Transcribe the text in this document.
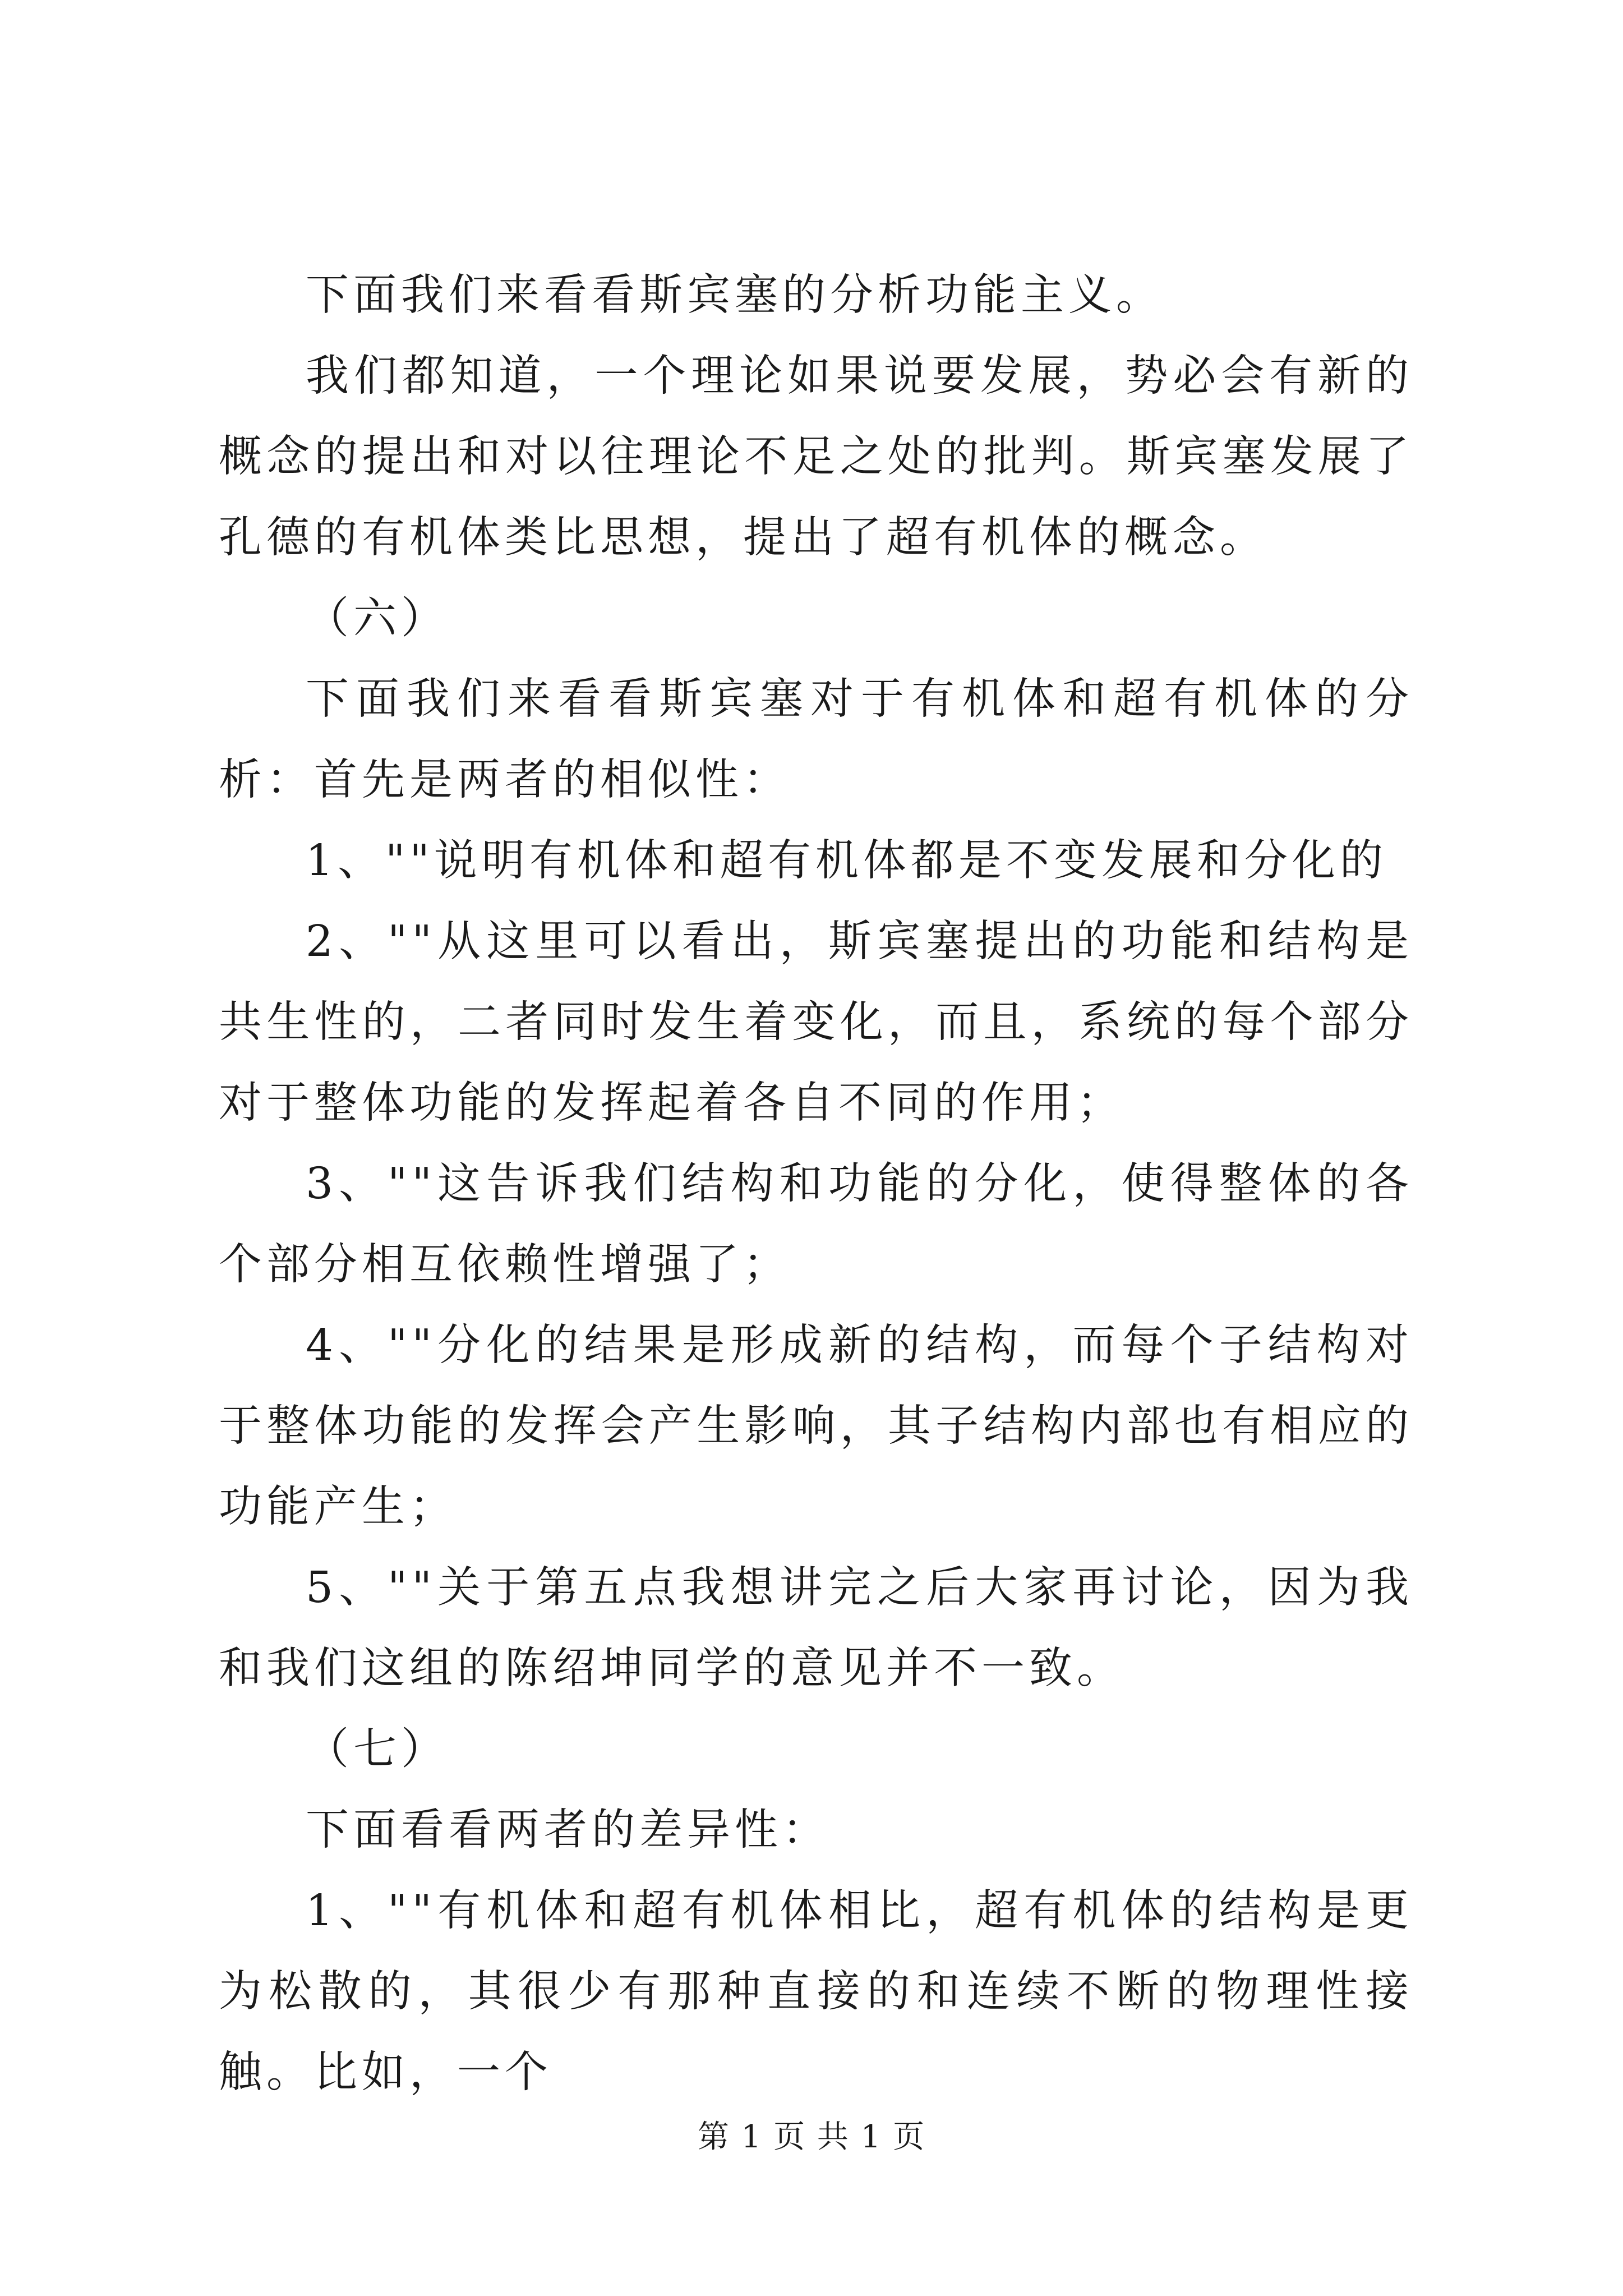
下面我们来看看斯宾塞的分析功能主义。

我们都知道，一个理论如果说要发展，势必会有新的概念的提出和对以往理论不足之处的批判。斯宾塞发展了孔德的有机体类比思想，提出了超有机体的概念。

（六）

下面我们来看看斯宾塞对于有机体和超有机体的分析：首先是两者的相似性：

1、""说明有机体和超有机体都是不变发展和分化的

2、""从这里可以看出，斯宾塞提出的功能和结构是共生性的，二者同时发生着变化，而且，系统的每个部分对于整体功能的发挥起着各自不同的作用；

3、""这告诉我们结构和功能的分化，使得整体的各个部分相互依赖性增强了；

4、""分化的结果是形成新的结构，而每个子结构对于整体功能的发挥会产生影响，其子结构内部也有相应的功能产生；

5、""关于第五点我想讲完之后大家再讨论，因为我和我们这组的陈绍坤同学的意见并不一致。

（七）

下面看看两者的差异性：

1、""有机体和超有机体相比，超有机体的结构是更为松散的，其很少有那种直接的和连续不断的物理性接触。比如，一个

第 1 页 共 1 页
